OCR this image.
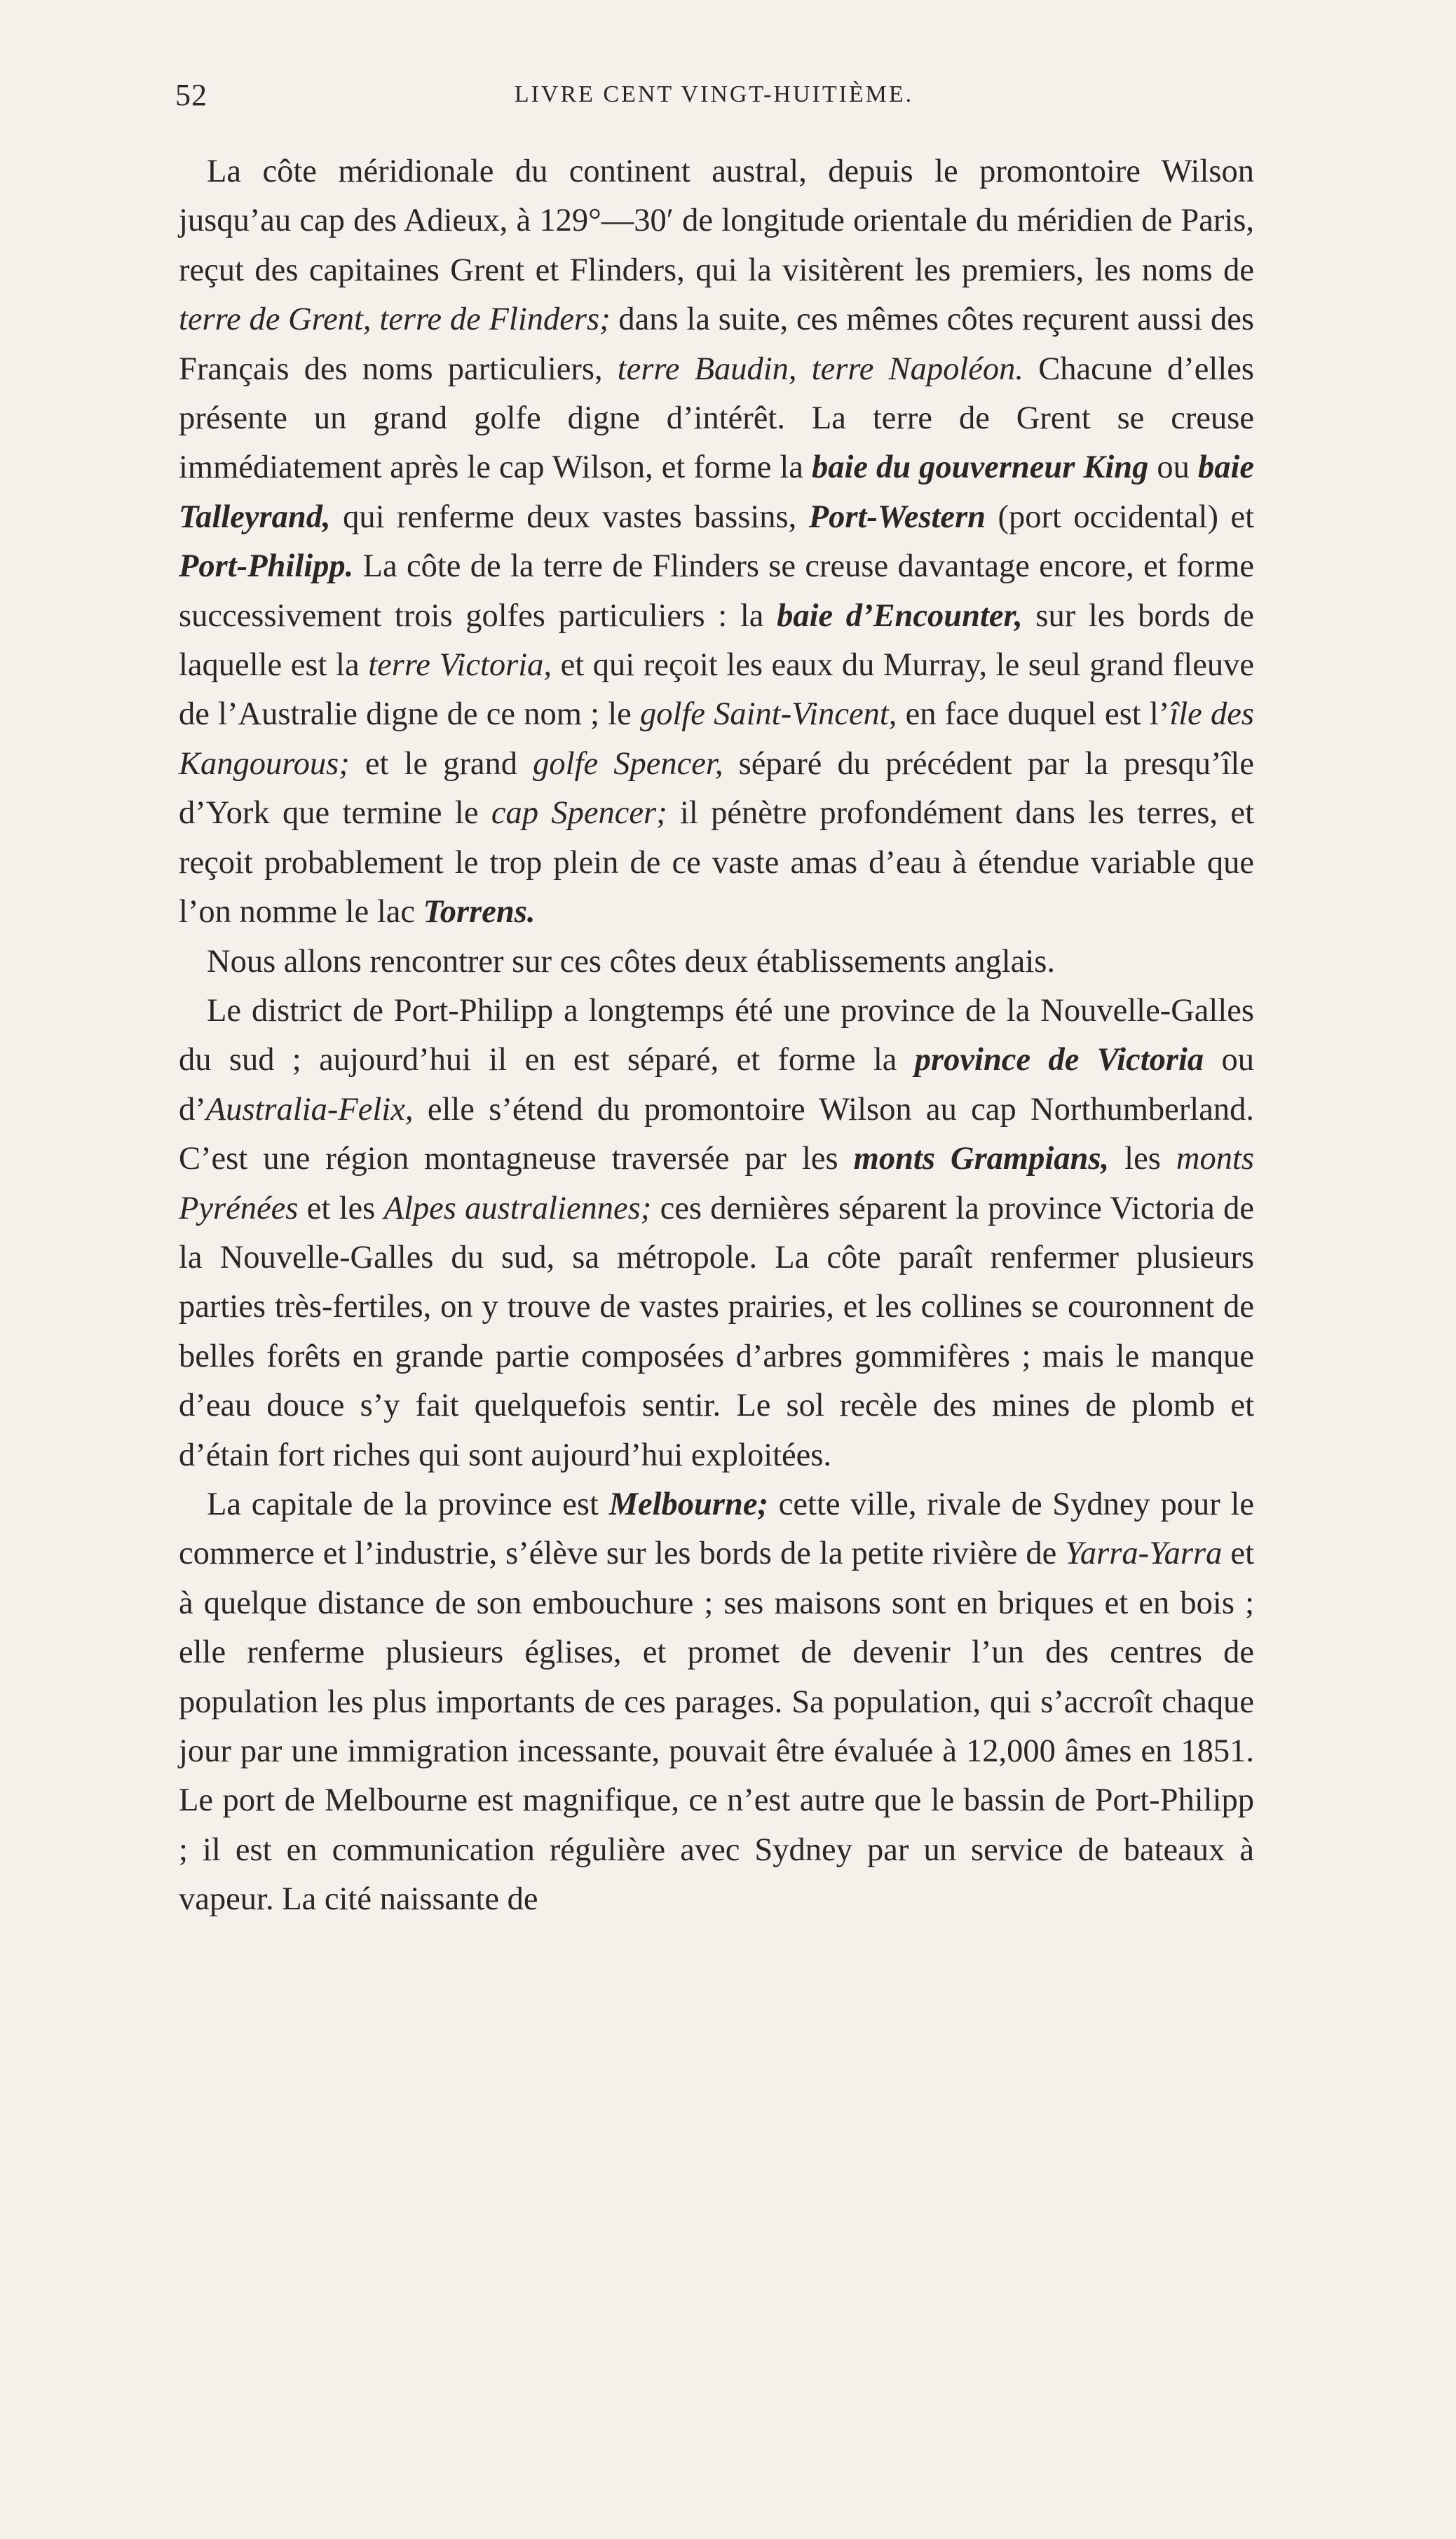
52	LIVRE CENT VINGT-HUITIÈME.

La côte méridionale du continent austral, depuis le promontoire Wilson jusqu’au cap des Adieux, à 129°—30′ de longitude orientale du méridien de Paris, reçut des capitaines Grent et Flinders, qui la visitèrent les premiers, les noms de terre de Grent, terre de Flinders; dans la suite, ces mêmes côtes reçurent aussi des Français des noms particuliers, terre Baudin, terre Napoléon. Chacune d’elles présente un grand golfe digne d’intérêt. La terre de Grent se creuse immédiatement après le cap Wilson, et forme la baie du gouverneur King ou baie Talleyrand, qui renferme deux vastes bassins, Port-Western (port occidental) et Port-Philipp. La côte de la terre de Flinders se creuse davantage encore, et forme successivement trois golfes particuliers : la baie d’Encounter, sur les bords de laquelle est la terre Victoria, et qui reçoit les eaux du Murray, le seul grand fleuve de l’Australie digne de ce nom ; le golfe Saint-Vincent, en face duquel est l’île des Kangourous; et le grand golfe Spencer, séparé du précédent par la presqu’île d’York que termine le cap Spencer; il pénètre profondément dans les terres, et reçoit probablement le trop plein de ce vaste amas d’eau à étendue variable que l’on nomme le lac Torrens.

Nous allons rencontrer sur ces côtes deux établissements anglais.

Le district de Port-Philipp a longtemps été une province de la Nouvelle-Galles du sud ; aujourd’hui il en est séparé, et forme la province de Victoria ou d’Australia-Felix, elle s’étend du promontoire Wilson au cap Northumberland. C’est une région montagneuse traversée par les monts Grampians, les monts Pyrénées et les Alpes australiennes; ces dernières séparent la province Victoria de la Nouvelle-Galles du sud, sa métropole. La côte paraît renfermer plusieurs parties très-fertiles, on y trouve de vastes prairies, et les collines se couronnent de belles forêts en grande partie composées d’arbres gommifères ; mais le manque d’eau douce s’y fait quelquefois sentir. Le sol recèle des mines de plomb et d’étain fort riches qui sont aujourd’hui exploitées.

La capitale de la province est Melbourne; cette ville, rivale de Sydney pour le commerce et l’industrie, s’élève sur les bords de la petite rivière de Yarra-Yarra et à quelque distance de son embouchure ; ses maisons sont en briques et en bois ; elle renferme plusieurs églises, et promet de devenir l’un des centres de population les plus importants de ces parages. Sa population, qui s’accroît chaque jour par une immigration incessante, pouvait être évaluée à 12,000 âmes en 1851. Le port de Melbourne est magnifique, ce n’est autre que le bassin de Port-Philipp ; il est en communication régulière avec Sydney par un service de bateaux à vapeur. La cité naissante de
